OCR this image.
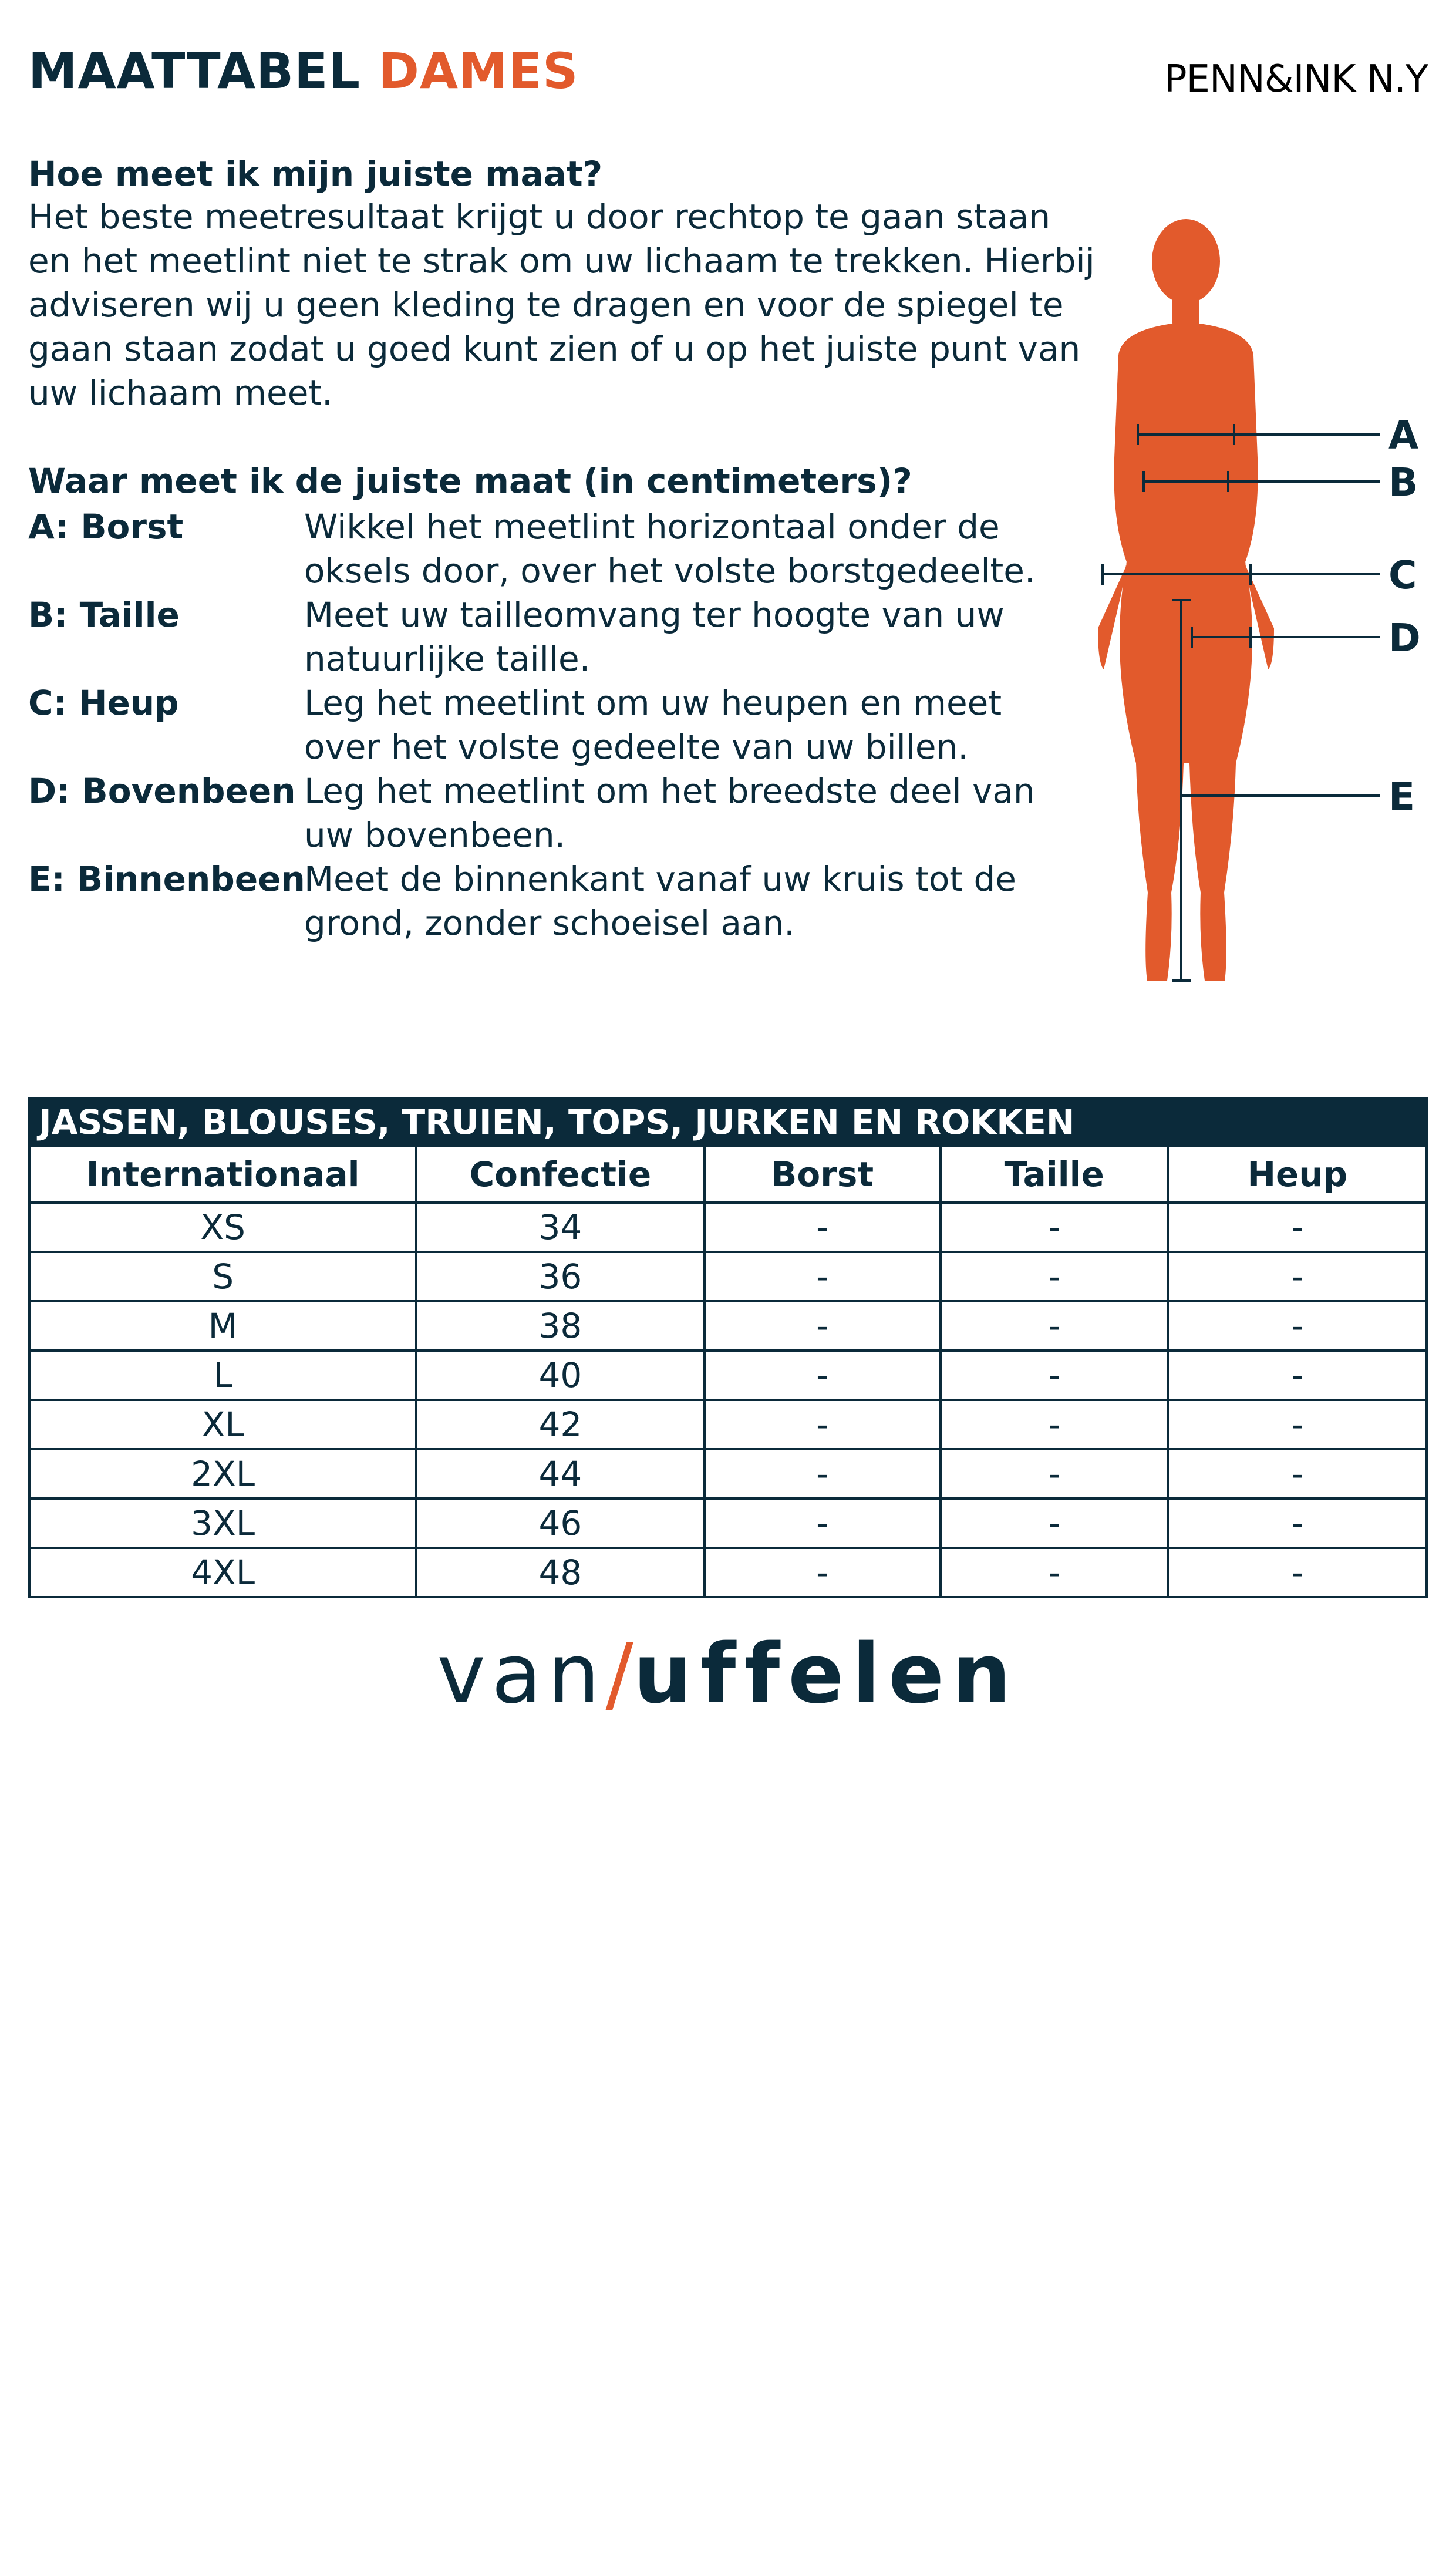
MAATTABEL DAMES	PENN&INK N.Y
Hoe meet ik mijn juiste maat?
Het beste meetresultaat krijgt u door rechtop te gaan staan
en het meetlint niet te strak om uw lichaam te trekken. Hierbij
adviseren wij u geen kleding te dragen en voor de spiegel te
gaan staan zodat u goed kunt zien of u op het juiste punt van
uw lichaam meet.
Waar meet ik de juiste maat (in centimeters)?
A: Borst	Wikkel het meetlint horizontaal onder de
oksels door, over het volste borstgedeelte.
B: Taille	Meet uw tailleomvang ter hoogte van uw
natuurlijke taille.
C: Heup	Leg het meetlint om uw heupen en meet
over het volste gedeelte van uw billen.
D: Bovenbeen Leg het meetlint om het breedste deel van
uw bovenbeen.
E: Binnenbeen
Meet de binnenkant vanaf uw kruis tot de
grond, zonder schoeisel aan.
A
B
C
D
E
JASSEN, BLOUSES, TRUIEN, TOPS, JURKEN EN ROKKEN
Internationaal	Confectie	Borst	Taille	Heup
XS	34	-	-	-
S	36	-	-	-
M	38	-	-	-
L	40	-	-	-
XL	42	-	-	-
2XL	44	-	-	-
3XL	46	-	-	-
4XL	48	-	-	-
van/uffelen
